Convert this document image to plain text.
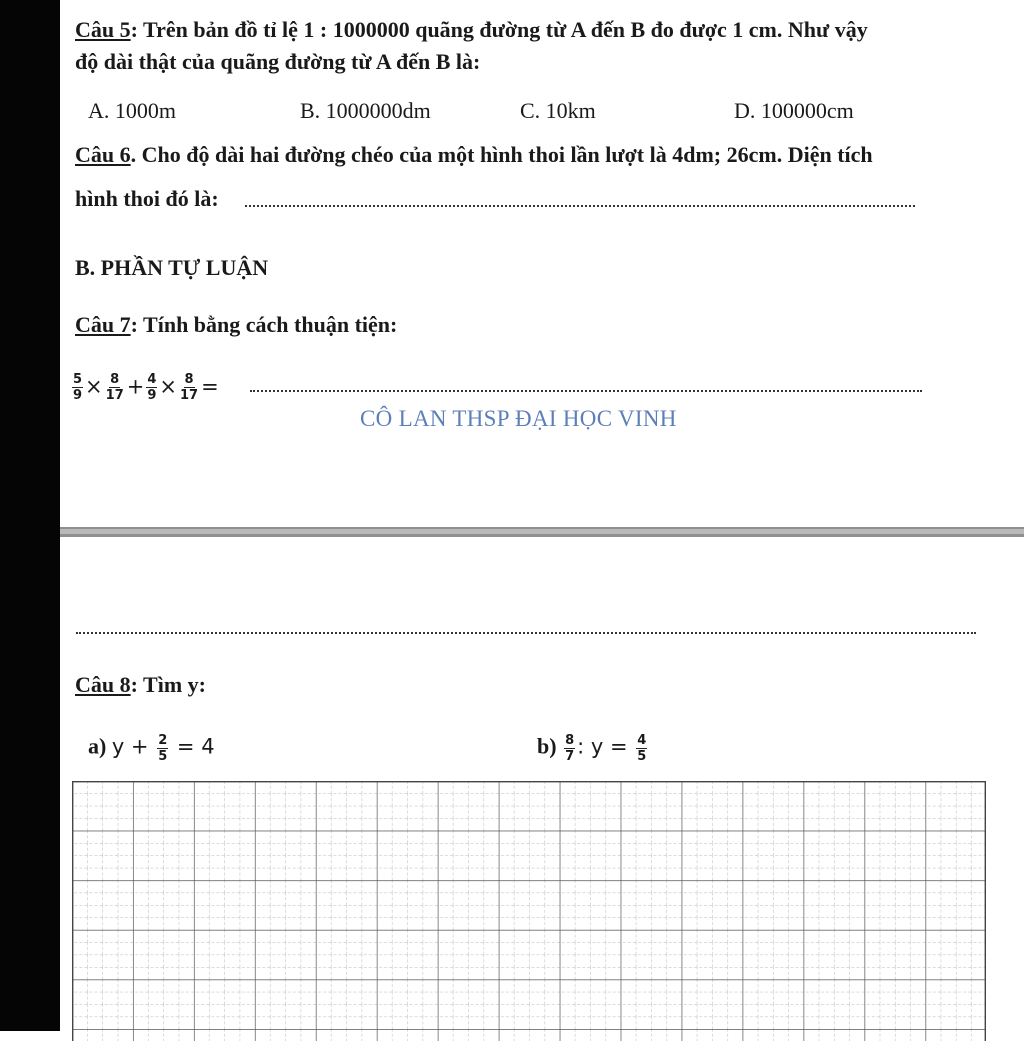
Câu 5: Trên bản đồ tỉ lệ 1 : 1000000 quãng đường từ A đến B đo được 1 cm. Như vậy
độ dài thật của quãng đường từ A đến B là:
A. 1000m	B. 1000000dm	C. 10km	D. 100000cm
Câu 6. Cho độ dài hai đường chéo của một hình thoi lần lượt là 4dm; 26cm. Diện tích
hình thoi đó là:
B. PHẦN TỰ LUẬN
Câu 7: Tính bằng cách thuận tiện:
$\frac{5}{9} \times \frac{8}{17} + \frac{4}{9} \times \frac{8}{17}$ =
CÔ LAN THSP ĐẠI HỌC VINH
Câu 8: Tìm y:
a) $y + \frac{2}{5} = 4$	$b) \frac{8}{7}$ : $y = \frac{4}{5}$
